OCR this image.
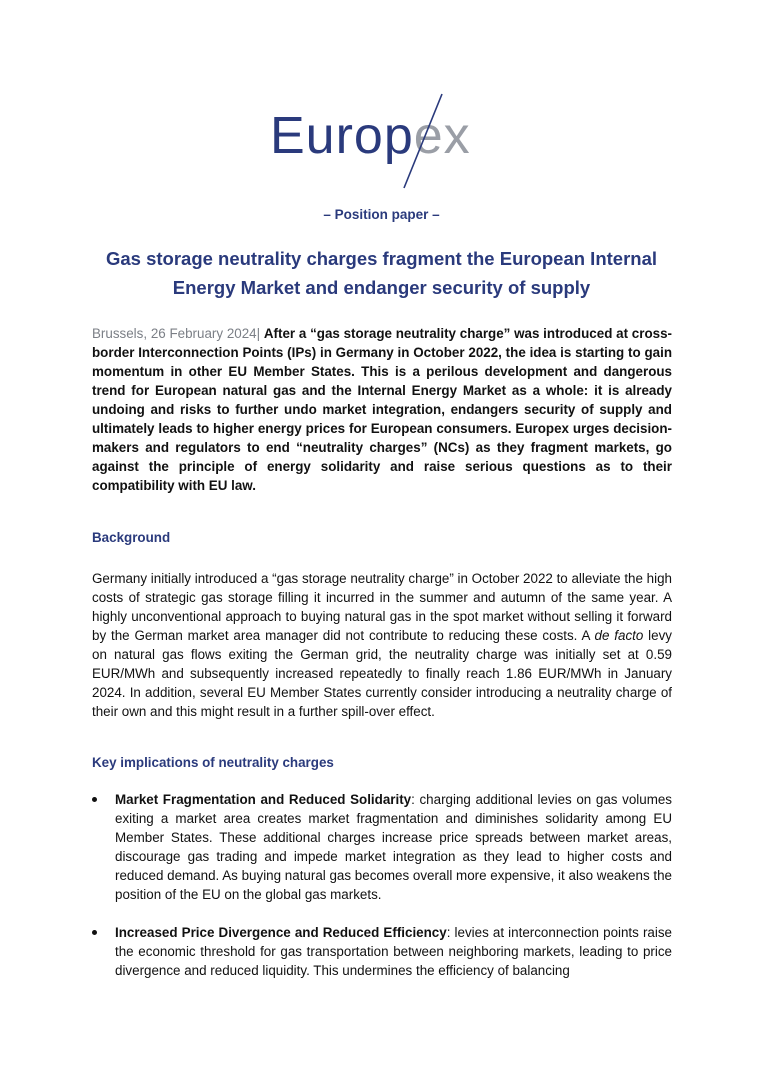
Europex
– Position paper –
Gas storage neutrality charges fragment the European Internal Energy Market and endanger security of supply
Brussels, 26 February 2024| After a “gas storage neutrality charge” was introduced at cross-border Interconnection Points (IPs) in Germany in October 2022, the idea is starting to gain momentum in other EU Member States. This is a perilous development and dangerous trend for European natural gas and the Internal Energy Market as a whole: it is already undoing and risks to further undo market integration, endangers security of supply and ultimately leads to higher energy prices for European consumers. Europex urges decision-makers and regulators to end “neutrality charges” (NCs) as they fragment markets, go against the principle of energy solidarity and raise serious questions as to their compatibility with EU law.
Background
Germany initially introduced a “gas storage neutrality charge” in October 2022 to alleviate the high costs of strategic gas storage filling it incurred in the summer and autumn of the same year. A highly unconventional approach to buying natural gas in the spot market without selling it forward by the German market area manager did not contribute to reducing these costs. A de facto levy on natural gas flows exiting the German grid, the neutrality charge was initially set at 0.59 EUR/MWh and subsequently increased repeatedly to finally reach 1.86 EUR/MWh in January 2024. In addition, several EU Member States currently consider introducing a neutrality charge of their own and this might result in a further spill-over effect.
Key implications of neutrality charges
Market Fragmentation and Reduced Solidarity: charging additional levies on gas volumes exiting a market area creates market fragmentation and diminishes solidarity among EU Member States. These additional charges increase price spreads between market areas, discourage gas trading and impede market integration as they lead to higher costs and reduced demand. As buying natural gas becomes overall more expensive, it also weakens the position of the EU on the global gas markets.
Increased Price Divergence and Reduced Efficiency: levies at interconnection points raise the economic threshold for gas transportation between neighboring markets, leading to price divergence and reduced liquidity. This undermines the efficiency of balancing
